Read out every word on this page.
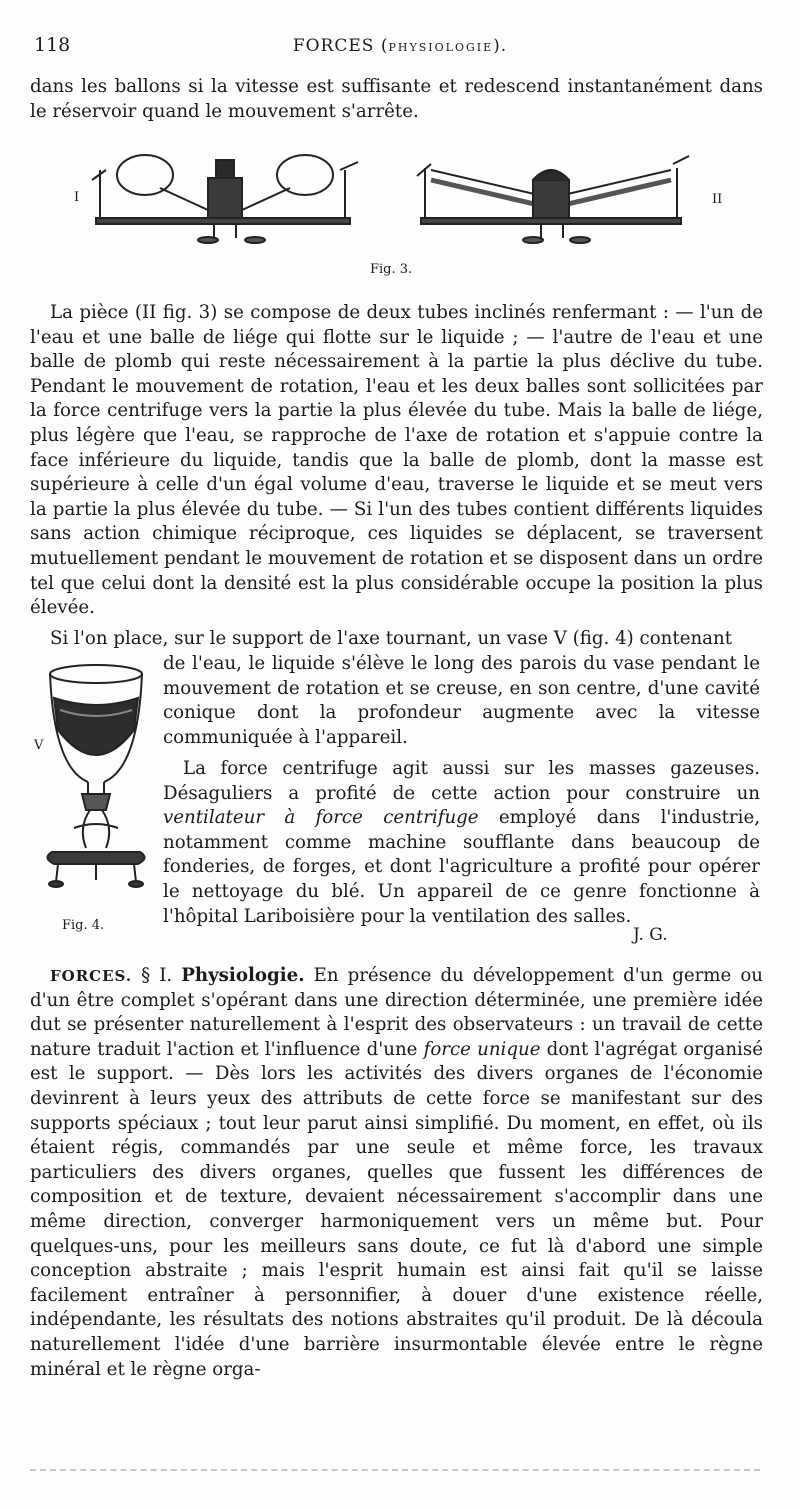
118	FORCES (PHYSIOLOGIE).
dans les ballons si la vitesse est suffisante et redescend instantanément dans le réservoir quand le mouvement s'arrête.
I	II
Fig. 3.

La pièce (II fig. 3) se compose de deux tubes inclinés renfermant : — l'un de l'eau et une balle de liége qui flotte sur le liquide ; — l'autre de l'eau et une balle de plomb qui reste nécessairement à la partie la plus déclive du tube. Pendant le mouvement de rotation, l'eau et les deux balles sont sollicitées par la force centrifuge vers la partie la plus élevée du tube. Mais la balle de liége, plus légère que l'eau, se rapproche de l'axe de rotation et s'appuie contre la face inférieure du liquide, tandis que la balle de plomb, dont la masse est supérieure à celle d'un égal volume d'eau, traverse le liquide et se meut vers la partie la plus élevée du tube. — Si l'un des tubes contient différents liquides sans action chimique réciproque, ces liquides se déplacent, se traversent mutuellement pendant le mouvement de rotation et se disposent dans un ordre tel que celui dont la densité est la plus considérable occupe la position la plus élevée.

Si l'on place, sur le support de l'axe tournant, un vase V (fig. 4) contenant

V
Fig. 4.

de l'eau, le liquide s'élève le long des parois du vase pendant le mouvement de rotation et se creuse, en son centre, d'une cavité conique dont la profondeur augmente avec la vitesse communiquée à l'appareil.

La force centrifuge agit aussi sur les masses gazeuses. Désaguliers a profité de cette action pour construire un ventilateur à force centrifuge employé dans l'industrie, notamment comme machine soufflante dans beaucoup de fonderies, de forges, et dont l'agriculture a profité pour opérer le nettoyage du blé. Un appareil de ce genre fonctionne à l'hôpital Lariboisière pour la ventilation des salles.

J. G.

FORCES. § I. Physiologie. En présence du développement d'un germe ou d'un être complet s'opérant dans une direction déterminée, une première idée dut se présenter naturellement à l'esprit des observateurs : un travail de cette nature traduit l'action et l'influence d'une force unique dont l'agrégat organisé est le support. — Dès lors les activités des divers organes de l'économie devinrent à leurs yeux des attributs de cette force se manifestant sur des supports spéciaux ; tout leur parut ainsi simplifié. Du moment, en effet, où ils étaient régis, commandés par une seule et même force, les travaux particuliers des divers organes, quelles que fussent les différences de composition et de texture, devaient nécessairement s'accomplir dans une même direction, converger harmoniquement vers un même but. Pour quelques-uns, pour les meilleurs sans doute, ce fut là d'abord une simple conception abstraite ; mais l'esprit humain est ainsi fait qu'il se laisse facilement entraîner à personnifier, à douer d'une existence réelle, indépendante, les résultats des notions abstraites qu'il produit. De là découla naturellement l'idée d'une barrière insurmontable élevée entre le règne minéral et le règne orga-
